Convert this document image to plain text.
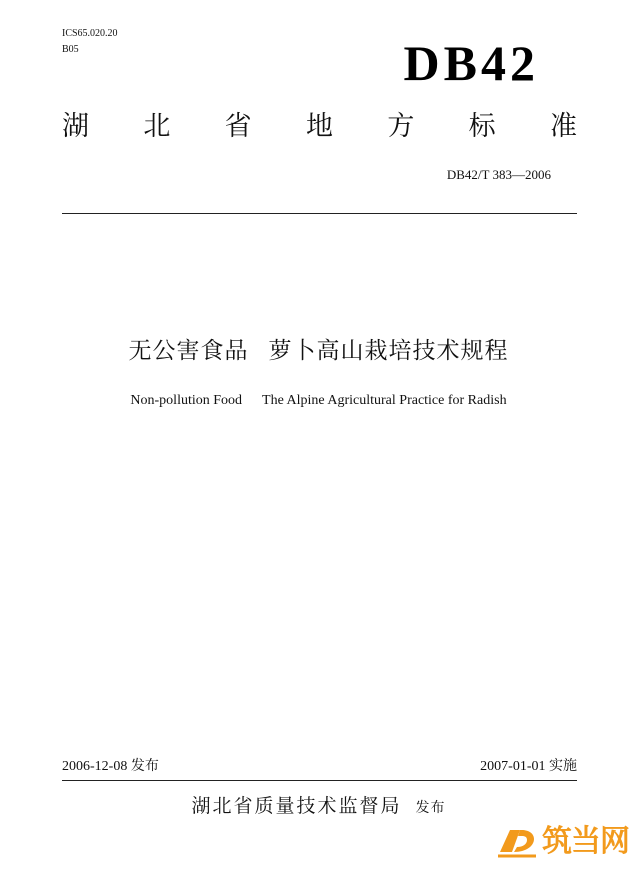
ICS65.020.20
B05	DB42
湖 北 省 地 方 标 准
DB42/T 383—2006
无公害食品 萝卜高山栽培技术规程
Non-pollution Food The Alpine Agricultural Practice for Radish
2006-12-08 发布	2007-01-01 实施
湖北省质量技术监督局 发布
筑当网
